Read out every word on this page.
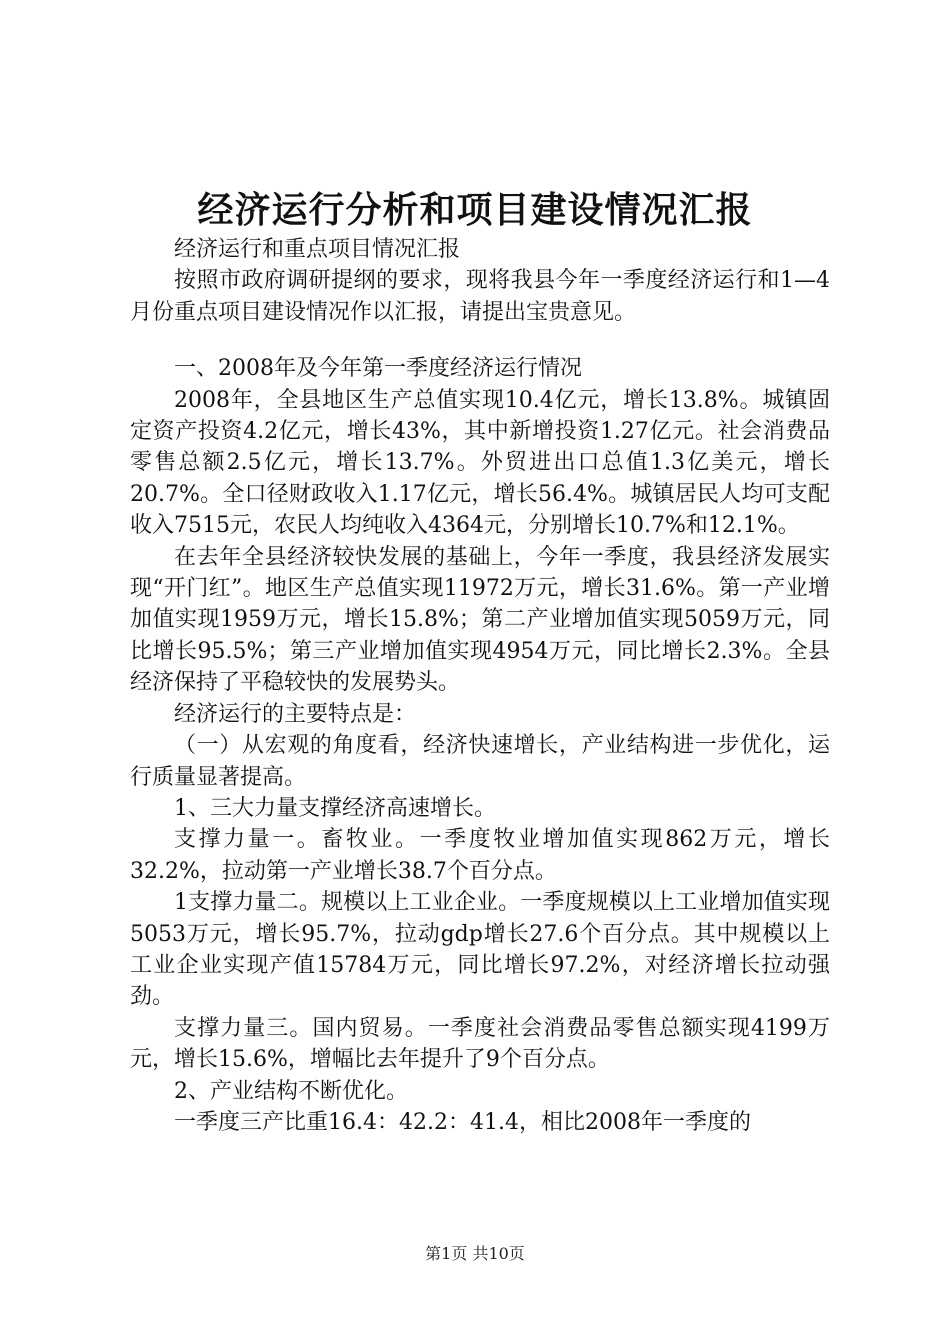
经济运行分析和项目建设情况汇报

经济运行和重点项目情况汇报

按照市政府调研提纲的要求，现将我县今年一季度经济运行和1—4月份重点项目建设情况作以汇报，请提出宝贵意见。

一、2008年及今年第一季度经济运行情况

2008年，全县地区生产总值实现10.4亿元，增长13.8%。城镇固定资产投资4.2亿元，增长43%，其中新增投资1.27亿元。社会消费品零售总额2.5亿元，增长13.7%。外贸进出口总值1.3亿美元，增长20.7%。全口径财政收入1.17亿元，增长56.4%。城镇居民人均可支配收入7515元，农民人均纯收入4364元，分别增长10.7%和12.1%。

在去年全县经济较快发展的基础上，今年一季度，我县经济发展实现“开门红”。地区生产总值实现11972万元，增长31.6%。第一产业增加值实现1959万元，增长15.8%；第二产业增加值实现5059万元，同比增长95.5%；第三产业增加值实现4954万元，同比增长2.3%。全县经济保持了平稳较快的发展势头。

经济运行的主要特点是：

（一）从宏观的角度看，经济快速增长，产业结构进一步优化，运行质量显著提高。

1、三大力量支撑经济高速增长。

支撑力量一。畜牧业。一季度牧业增加值实现862万元，增长32.2%，拉动第一产业增长38.7个百分点。

1支撑力量二。规模以上工业企业。一季度规模以上工业增加值实现5053万元，增长95.7%，拉动gdp增长27.6个百分点。其中规模以上工业企业实现产值15784万元，同比增长97.2%，对经济增长拉动强劲。

支撑力量三。国内贸易。一季度社会消费品零售总额实现4199万元，增长15.6%，增幅比去年提升了9个百分点。

2、产业结构不断优化。

一季度三产比重16.4：42.2：41.4，相比2008年一季度的

第1页 共10页
